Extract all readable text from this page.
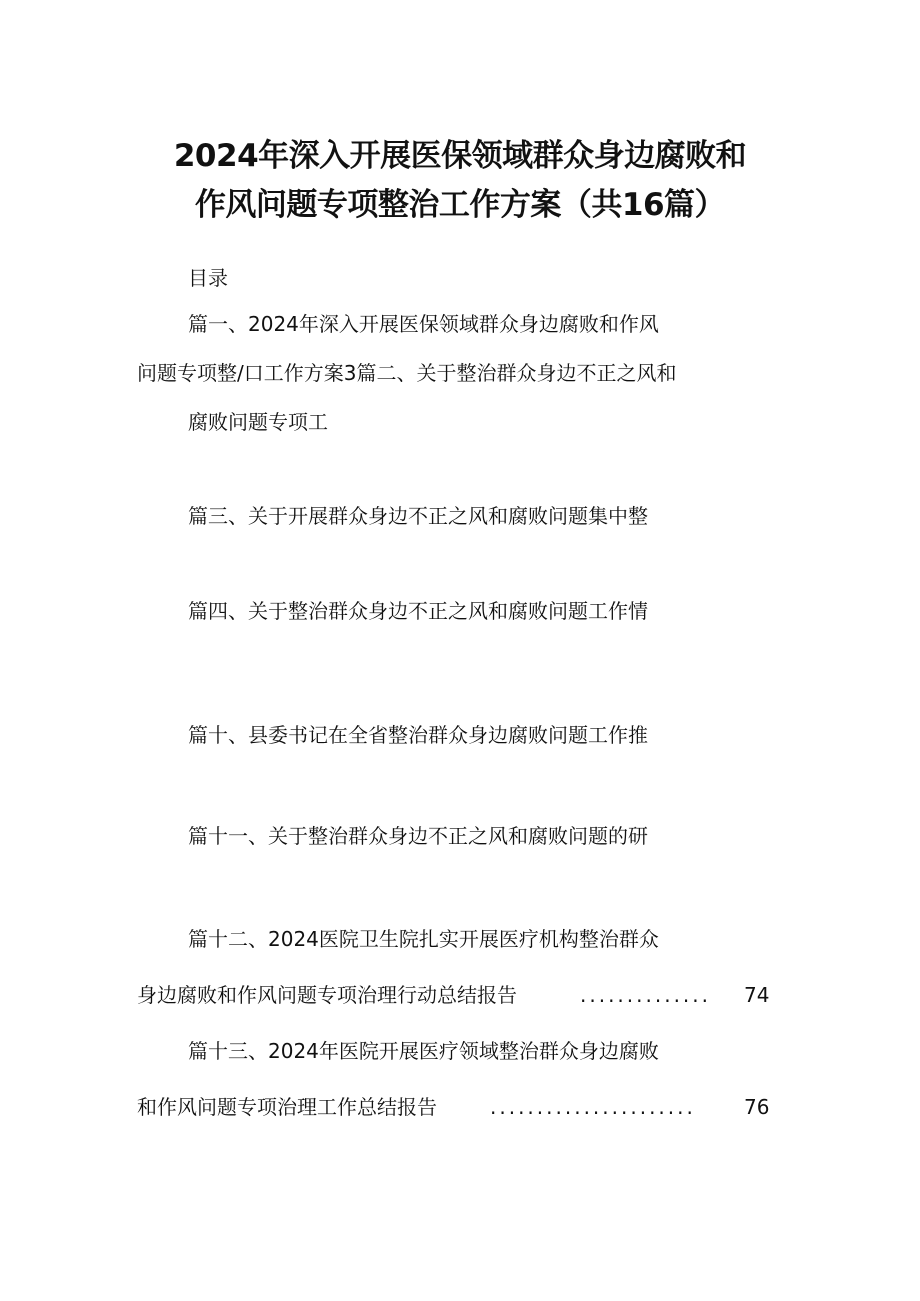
2024年深入开展医保领域群众身边腐败和
作风问题专项整治工作方案（共16篇）
目录
篇一、2024年深入开展医保领域群众身边腐败和作风
问题专项整/口工作方案3篇二、关于整治群众身边不正之风和
腐败问题专项工
篇三、关于开展群众身边不正之风和腐败问题集中整
篇四、关于整治群众身边不正之风和腐败问题工作情
篇十、县委书记在全省整治群众身边腐败问题工作推
篇十一、关于整治群众身边不正之风和腐败问题的研
篇十二、2024医院卫生院扎实开展医疗机构整治群众
身边腐败和作风问题专项治理行动总结报告	.............. 74
篇十三、2024年医院开展医疗领域整治群众身边腐败
和作风问题专项治理工作总结报告	...................... 76
